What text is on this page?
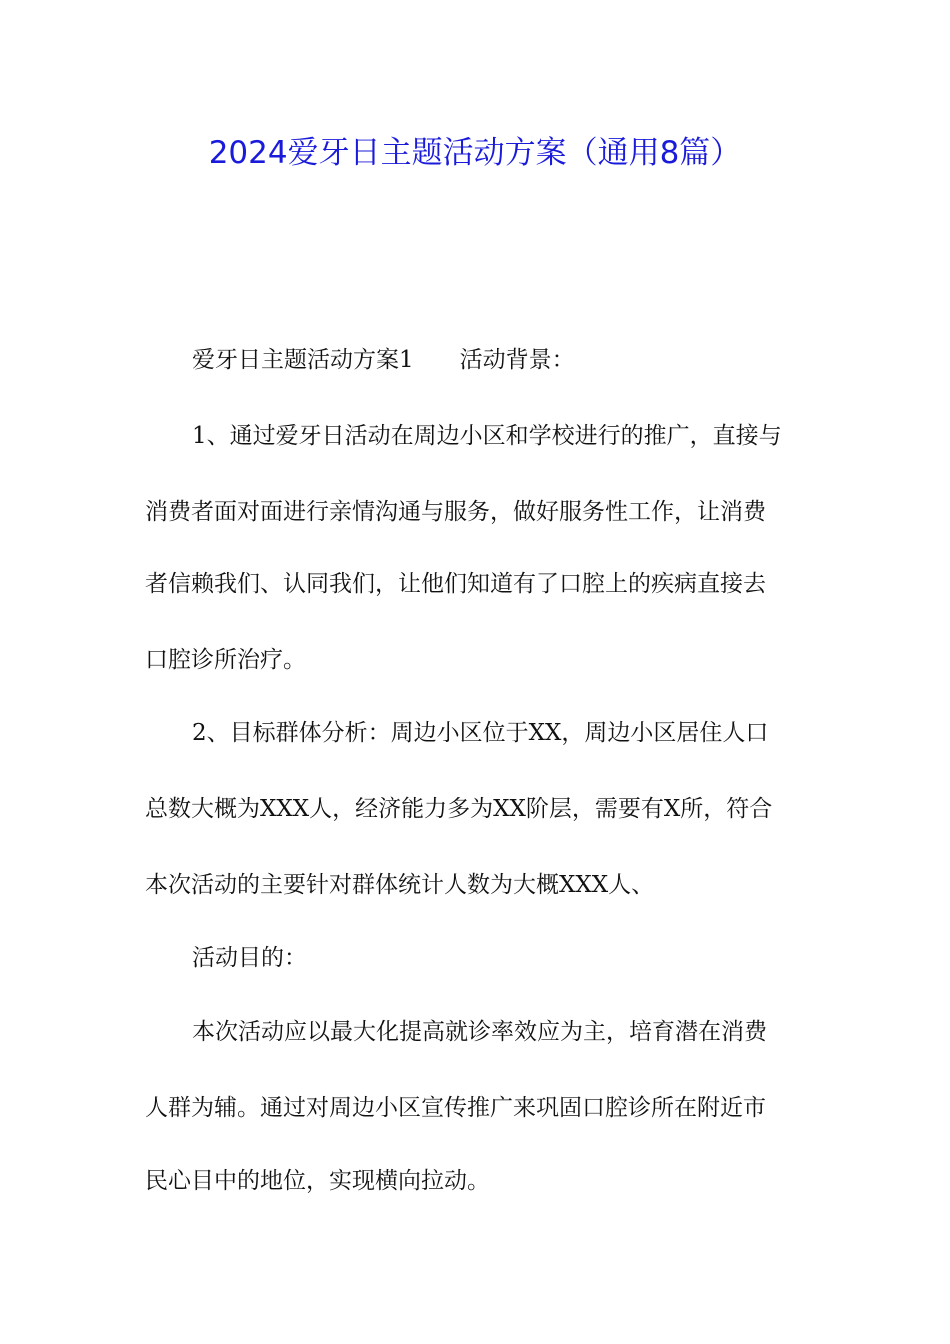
2024爱牙日主题活动方案（通用8篇）
爱牙日主题活动方案1 活动背景：
1、通过爱牙日活动在周边小区和学校进行的推广，直接与
消费者面对面进行亲情沟通与服务，做好服务性工作，让消费
者信赖我们、认同我们，让他们知道有了口腔上的疾病直接去
口腔诊所治疗。
2、目标群体分析：周边小区位于XX，周边小区居住人口
总数大概为XXX人，经济能力多为XX阶层，需要有X所，符合
本次活动的主要针对群体统计人数为大概XXX人、
活动目的：
本次活动应以最大化提高就诊率效应为主，培育潜在消费
人群为辅。通过对周边小区宣传推广来巩固口腔诊所在附近市
民心目中的地位，实现横向拉动。
